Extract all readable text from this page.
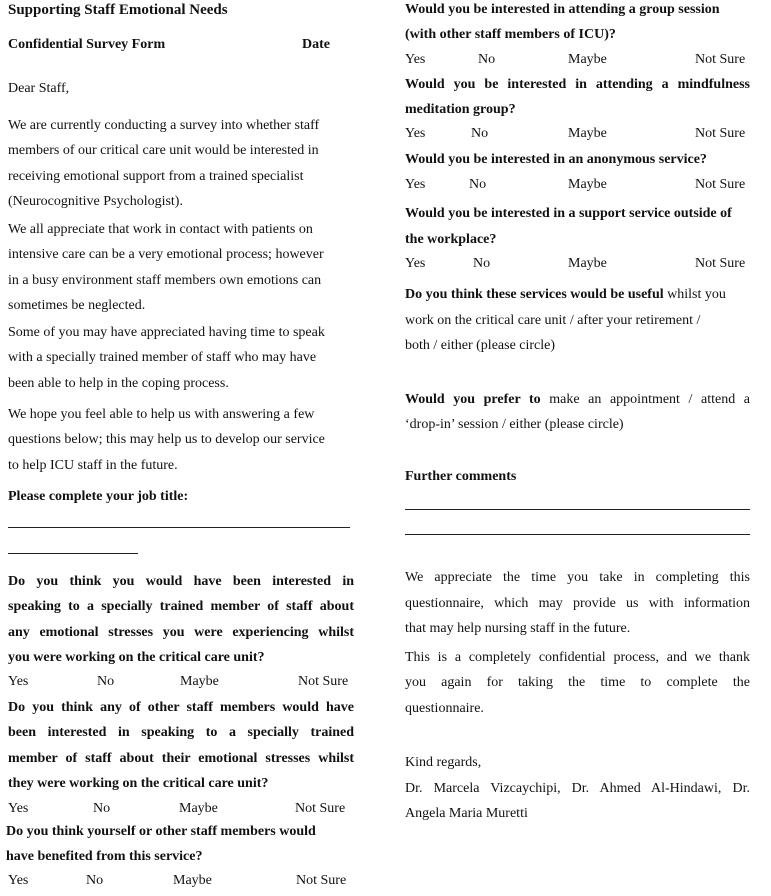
Supporting Staff Emotional Needs
Confidential Survey Form	Date
Dear Staff,
We are currently conducting a survey into whether staff
members of our critical care unit would be interested in
receiving emotional support from a trained specialist
(Neurocognitive Psychologist).
We all appreciate that work in contact with patients on
intensive care can be a very emotional process; however
in a busy environment staff members own emotions can
sometimes be neglected.
Some of you may have appreciated having time to speak
with a specially trained member of staff who may have
been able to help in the coping process.
We hope you feel able to help us with answering a few
questions below; this may help us to develop our service
to help ICU staff in the future.
Please complete your job title:
Do you think you would have been interested in
speaking to a specially trained member of staff about
any emotional stresses you were experiencing whilst
you were working on the critical care unit?
Yes	No	Maybe	Not Sure
Do you think any of other staff members would have
been interested in speaking to a specially trained
member of staff about their emotional stresses whilst
they were working on the critical care unit?
Yes	No	Maybe	Not Sure
Do you think yourself or other staff members would
have benefited from this service?
Yes	No	Maybe	Not Sure
Would you be interested in attending a group session
(with other staff members of ICU)?
Yes	No	Maybe	Not Sure
Would you be interested in attending a mindfulness
meditation group?
Yes	No	Maybe	Not Sure
Would you be interested in an anonymous service?
Yes	No	Maybe	Not Sure
Would you be interested in a support service outside of
the workplace?
Yes	No	Maybe	Not Sure
Do you think these services would be useful whilst you
work on the critical care unit / after your retirement /
both / either (please circle)
Would you prefer to make an appointment / attend a
‘drop-in’ session / either (please circle)
Further comments
We appreciate the time you take in completing this
questionnaire, which may provide us with information
that may help nursing staff in the future.
This is a completely confidential process, and we thank
you again for taking the time to complete the
questionnaire.
Kind regards,
Dr. Marcela Vizcaychipi, Dr. Ahmed Al-Hindawi, Dr.
Angela Maria Muretti
